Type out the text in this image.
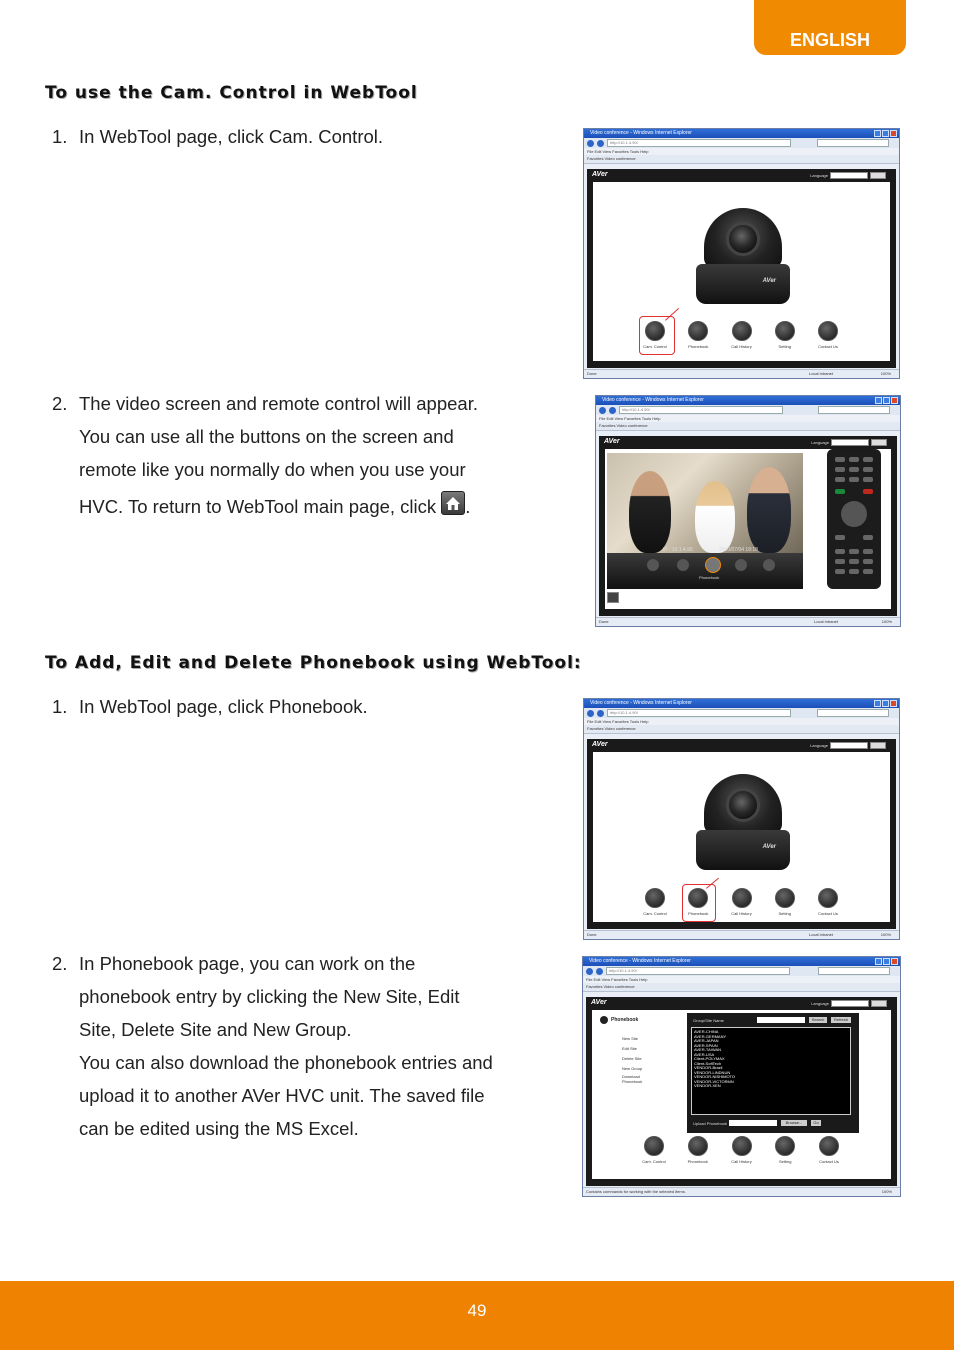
ENGLISH
To use the Cam. Control in WebTool
1. In WebTool page, click Cam. Control.
2. The video screen and remote control will appear.
You can use all the buttons on the screen and
remote like you normally do when you use your
HVC. To return to WebTool main page, click .
Video conference - Windows Internet Explorer
http://10.1.4.90/
File Edit View Favorites Tools Help
Favorites Video conference
AVer	Language
AVer
Cam. Control	Phonebook	Call History	Setting	Contact Us
Done	Local intranet	100%
Video conference - Windows Internet Explorer
http://10.1.4.90/
File Edit View Favorites Tools Help
Favorites Video conference
AVer	Language
IP : 10.1.4.90	2010/07/04 18:18
Phonebook
Done	Local intranet	100%
To Add, Edit and Delete Phonebook using WebTool:
1. In WebTool page, click Phonebook.
2. In Phonebook page, you can work on the
phonebook entry by clicking the New Site, Edit
Site, Delete Site and New Group.
You can also download the phonebook entries and
upload it to another AVer HVC unit. The saved file
can be edited using the MS Excel.
Video conference - Windows Internet Explorer
http://10.1.4.90/
File Edit View Favorites Tools Help
Favorites Video conference
AVer	Language
AVer
Cam. Control	Phonebook	Call History	Setting	Contact Us
Done	Local intranet	100%
Video conference - Windows Internet Explorer
http://10.1.4.90/
File Edit View Favorites Tools Help
Favorites Video conference
AVer	Language
Phonebook
New Site
Edit Site
Delete Site
New Group
Download Phonebook
Group/Site Name	Search	Refresh
AVER-CHINA
AVER-GERMANY
AVER-JAPAN
AVER-SPAIN
AVER-TAIWAN
AVER-USA
Client-POLYMAX
Client-SoftTech
VENDOR-Brazil
VENDOR-LINDNUN
VENDOR-NISHIMOTO
VENDOR-VICTORMN
VENDOR-XEN
Upload Phonebook	Browse...	Go
Cam. Control	Phonebook	Call History	Setting	Contact Us
Contains commands for working with the selected items.	100%
49
